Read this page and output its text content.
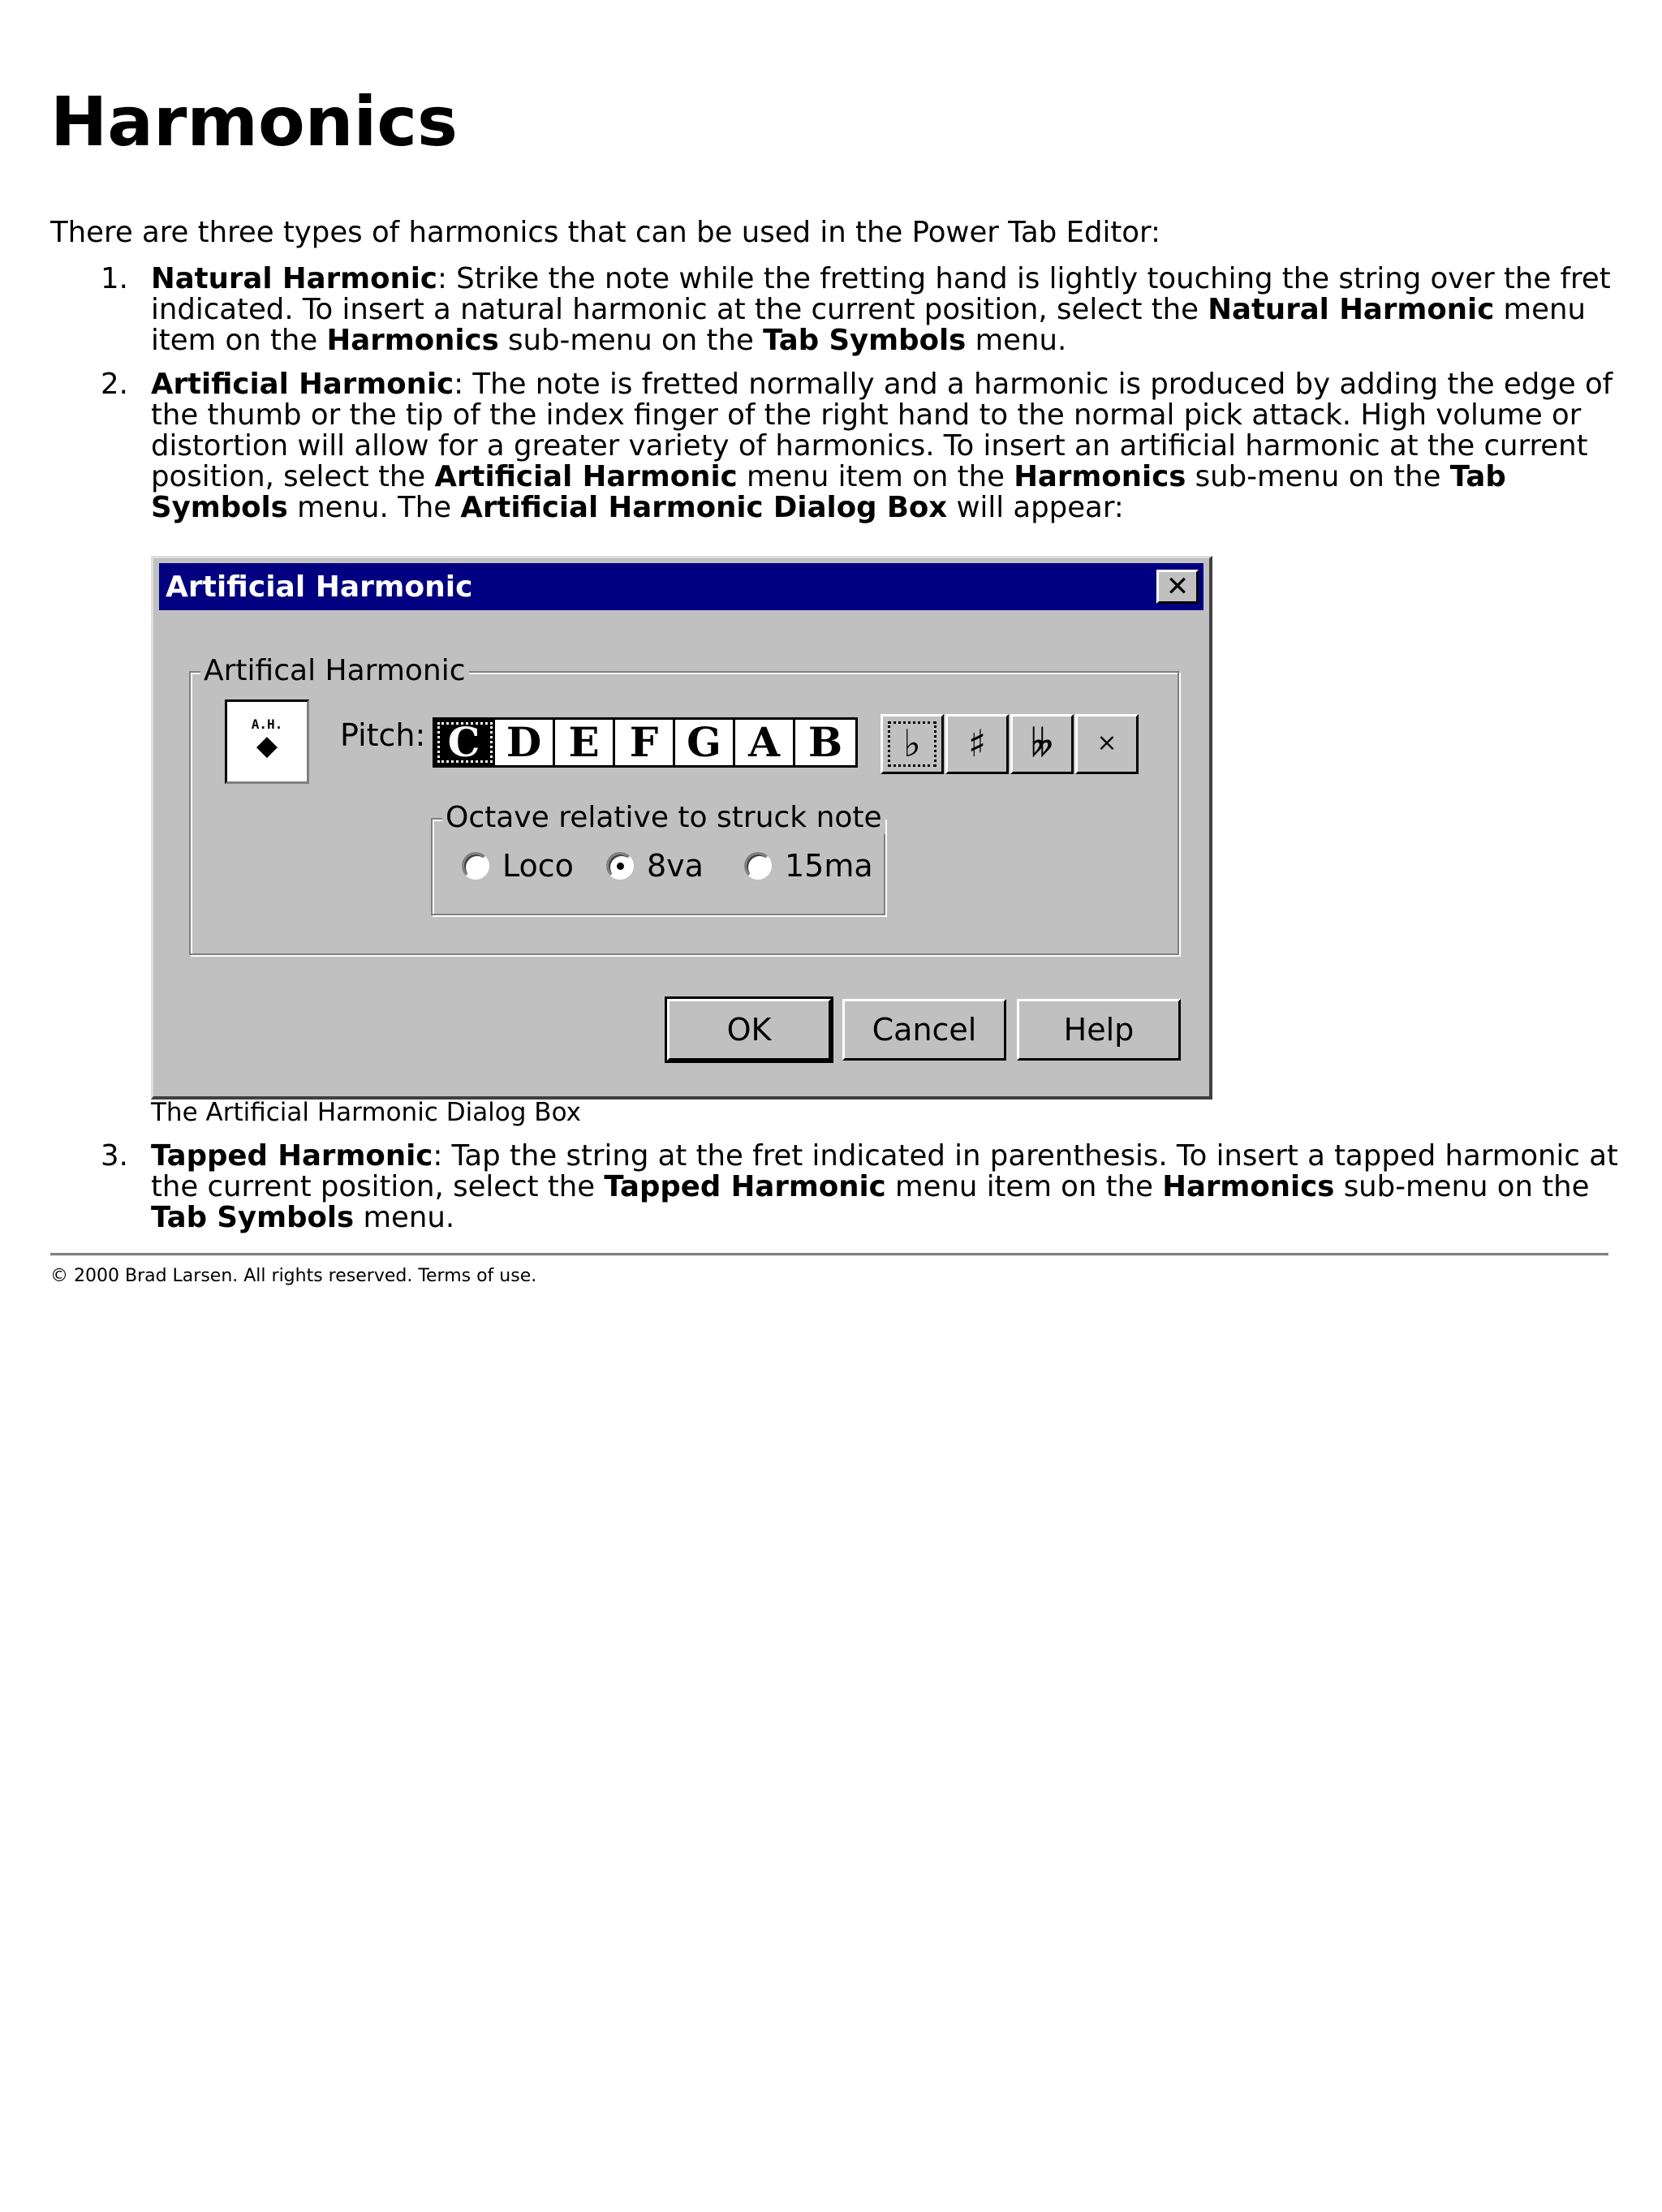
Harmonics
There are three types of harmonics that can be used in the Power Tab Editor:
1. Natural Harmonic: Strike the note while the fretting hand is lightly touching the string over the fret
indicated. To insert a natural harmonic at the current position, select the Natural Harmonic menu
item on the Harmonics sub-menu on the Tab Symbols menu.
2. Artificial Harmonic: The note is fretted normally and a harmonic is produced by adding the edge of
the thumb or the tip of the index finger of the right hand to the normal pick attack. High volume or
distortion will allow for a greater variety of harmonics. To insert an artificial harmonic at the current
position, select the Artificial Harmonic menu item on the Harmonics sub-menu on the Tab
Symbols menu. The Artificial Harmonic Dialog Box will appear:
3. Tapped Harmonic: Tap the string at the fret indicated in parenthesis. To insert a tapped harmonic at
the current position, select the Tapped Harmonic menu item on the Harmonics sub-menu on the
Tab Symbols menu.
Artificial Harmonic	✕
Artifical Harmonic
A.H.
◆	Pitch: C D E F G A B	♭	♯	𝄫	×
Octave relative to struck note
Loco 8va	15ma
OK	Cancel	Help
The Artificial Harmonic Dialog Box
© 2000 Brad Larsen. All rights reserved. Terms of use.
